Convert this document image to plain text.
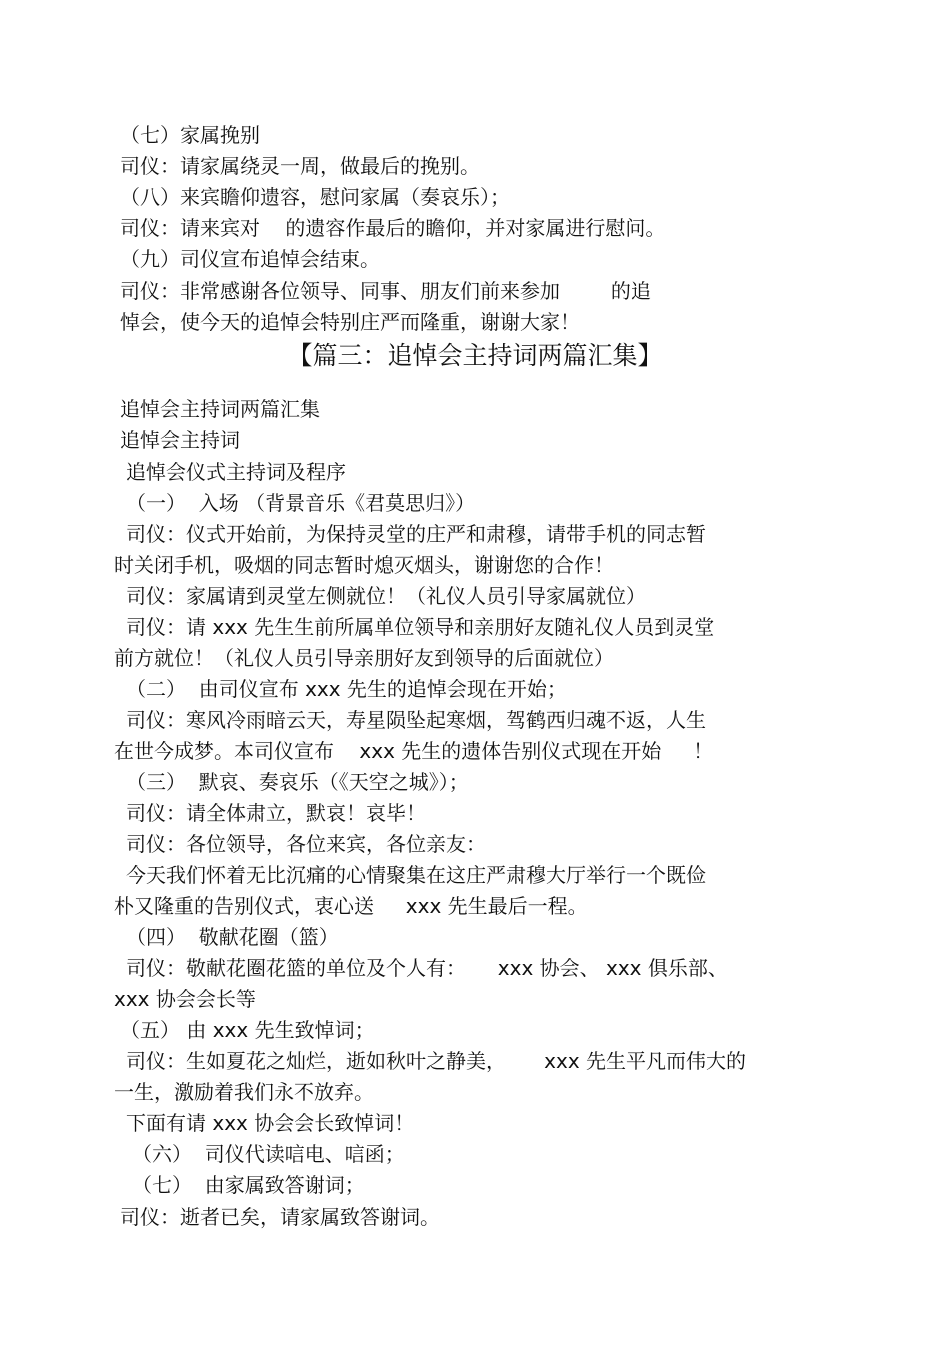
（七）家属挽别
司仪：请家属绕灵一周，做最后的挽别。
（八）来宾瞻仰遗容，慰问家属（奏哀乐）；
司仪：请来宾对    的遗容作最后的瞻仰，并对家属进行慰问。
（九）司仪宣布追悼会结束。
司仪：非常感谢各位领导、同事、朋友们前来参加        的追
悼会，使今天的追悼会特别庄严而隆重，谢谢大家！
【篇三：追悼会主持词两篇汇集】
追悼会主持词两篇汇集
追悼会主持词
追悼会仪式主持词及程序
（一）  入场 （背景音乐《君莫思归》）
司仪：仪式开始前，为保持灵堂的庄严和肃穆，请带手机的同志暂
时关闭手机，吸烟的同志暂时熄灭烟头，谢谢您的合作！
司仪：家属请到灵堂左侧就位！（礼仪人员引导家属就位）
司仪：请 xxx 先生生前所属单位领导和亲朋好友随礼仪人员到灵堂
前方就位！（礼仪人员引导亲朋好友到领导的后面就位）
（二）  由司仪宣布 xxx 先生的追悼会现在开始；
司仪：寒风冷雨暗云天，寿星陨坠起寒烟，驾鹤西归魂不返，人生
在世今成梦。本司仪宣布    xxx 先生的遗体告别仪式现在开始     ！
（三）  默哀、奏哀乐（《天空之城》）；
司仪：请全体肃立，默哀！哀毕！
司仪：各位领导，各位来宾，各位亲友：
今天我们怀着无比沉痛的心情聚集在这庄严肃穆大厅举行一个既俭
朴又隆重的告别仪式，衷心送     xxx 先生最后一程。
（四）  敬献花圈（篮）
司仪：敬献花圈花篮的单位及个人有：     xxx 协会、 xxx 俱乐部、
xxx 协会会长等
（五） 由 xxx 先生致悼词；
司仪：生如夏花之灿烂，逝如秋叶之静美，      xxx 先生平凡而伟大的
一生，激励着我们永不放弃。
下面有请 xxx 协会会长致悼词！
（六）  司仪代读唁电、唁函；
（七）  由家属致答谢词；
司仪：逝者已矣，请家属致答谢词。
